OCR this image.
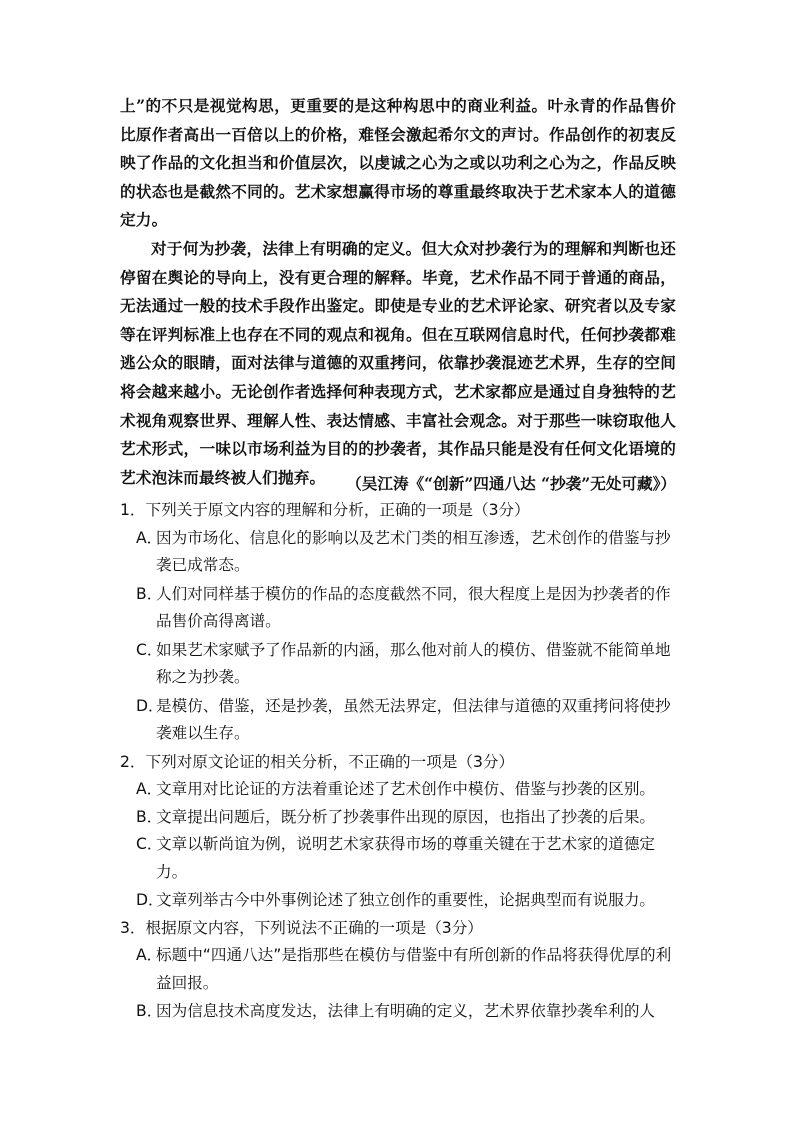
上”的不只是视觉构思，更重要的是这种构思中的商业利益。叶永青的作品售价比原作者高出一百倍以上的价格，难怪会激起希尔文的声讨。作品创作的初衷反映了作品的文化担当和价值层次，以虔诚之心为之或以功利之心为之，作品反映的状态也是截然不同的。艺术家想赢得市场的尊重最终取决于艺术家本人的道德定力。

对于何为抄袭，法律上有明确的定义。但大众对抄袭行为的理解和判断也还停留在舆论的导向上，没有更合理的解释。毕竟，艺术作品不同于普通的商品，无法通过一般的技术手段作出鉴定。即使是专业的艺术评论家、研究者以及专家等在评判标准上也存在不同的观点和视角。但在互联网信息时代，任何抄袭都难逃公众的眼睛，面对法律与道德的双重拷问，依靠抄袭混迹艺术界，生存的空间将会越来越小。无论创作者选择何种表现方式，艺术家都应是通过自身独特的艺术视角观察世界、理解人性、表达情感、丰富社会观念。对于那些一味窃取他人艺术形式，一味以市场利益为目的的抄袭者，其作品只能是没有任何文化语境的艺术泡沫而最终被人们抛弃。	（吴江涛《“创新”四通八达 “抄袭”无处可藏》）

1．下列关于原文内容的理解和分析，正确的一项是（3分）

A．
因为市场化、信息化的影响以及艺术门类的相互渗透，艺术创作的借鉴与抄袭已成常态。

B．
人们对同样基于模仿的作品的态度截然不同，很大程度上是因为抄袭者的作品售价高得离谱。

C．
如果艺术家赋予了作品新的内涵，那么他对前人的模仿、借鉴就不能简单地称之为抄袭。

D．
是模仿、借鉴，还是抄袭，虽然无法界定，但法律与道德的双重拷问将使抄袭难以生存。

2．下列对原文论证的相关分析，不正确的一项是（3分）

A．
文章用对比论证的方法着重论述了艺术创作中模仿、借鉴与抄袭的区别。

B．
文章提出问题后，既分析了抄袭事件出现的原因，也指出了抄袭的后果。

C．
文章以靳尚谊为例，说明艺术家获得市场的尊重关键在于艺术家的道德定力。

D．
文章列举古今中外事例论述了独立创作的重要性，论据典型而有说服力。

3．根据原文内容，下列说法不正确的一项是（3分）

A．
标题中“四通八达”是指那些在模仿与借鉴中有所创新的作品将获得优厚的利益回报。

B．
因为信息技术高度发达，法律上有明确的定义，艺术界依靠抄袭牟利的人
